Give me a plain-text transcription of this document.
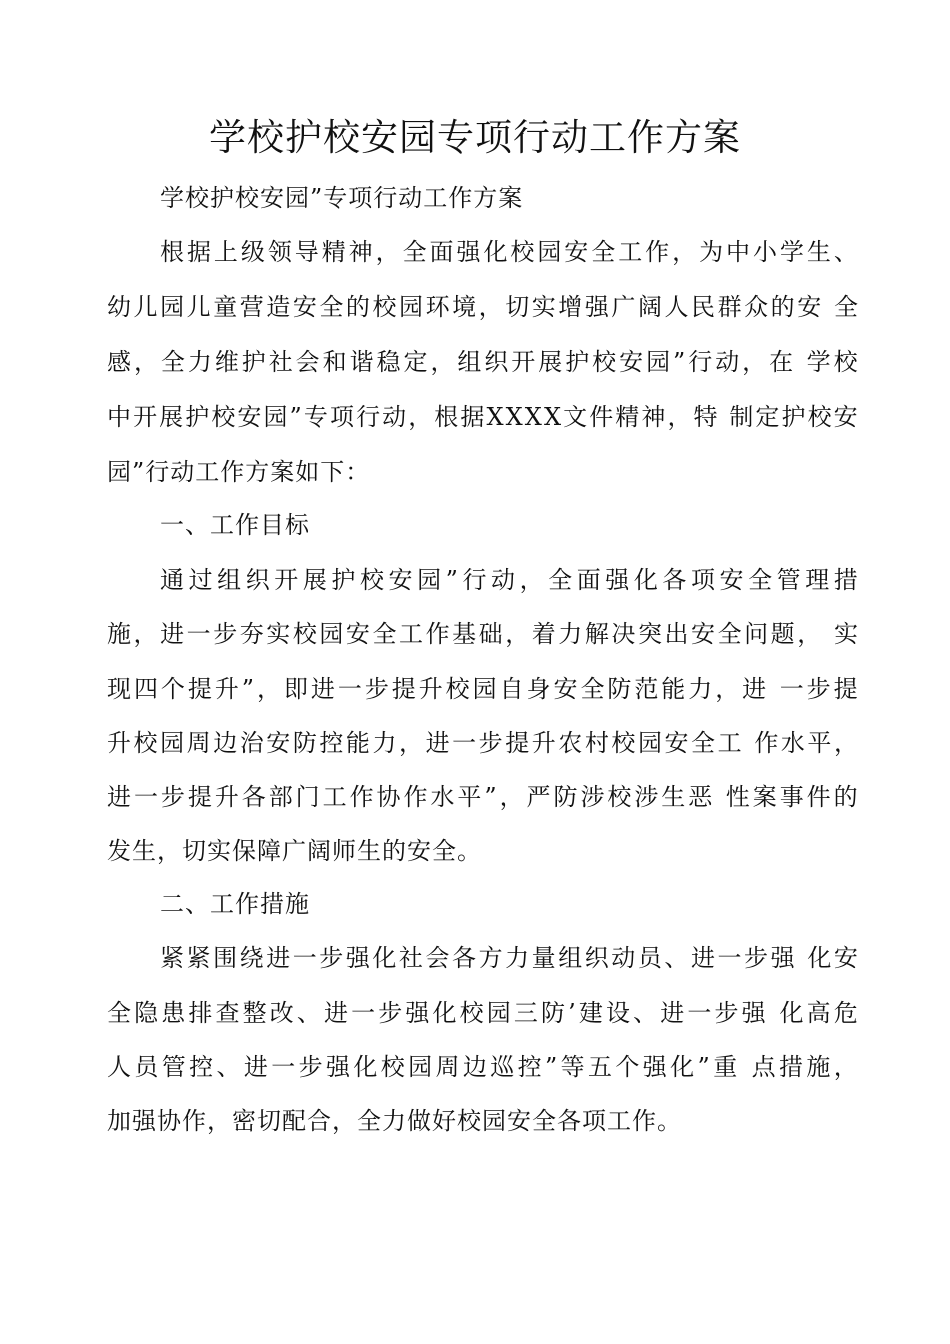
学校护校安园专项行动工作方案

学校护校安园”专项行动工作方案

根 据 上 级 领 导 精 神 ， 全 面 强 化 校 园 安 全 工 作 ， 为 中 小 学 生 、

幼 儿 园 儿 童 营 造 安 全 的 校 园 环 境 ， 切 实 增 强 广 阔 人 民 群 众 的 安
全

感 ， 全 力 维 护 社 会 和 谐 稳 定 ， 组 织 开 展 护 校 安 园 ” 行 动 ， 在
学 校

中 开 展 护 校 安 园 ” 专 项 行 动 ， 根 据 X X X X 文 件 精 神 ， 特
制 定 护 校 安

园”行动工作方案如下：

一、工作目标

通 过 组 织 开 展 护 校 安 园 ” 行 动 ， 全 面 强 化 各 项 安 全 管 理 措

施 ， 进 一 步 夯 实 校 园 安 全 工 作 基 础 ， 着 力 解 决 突 出 安 全 问 题 ，
实

现 四 个 提 升 ” ， 即 进 一 步 提 升 校 园 自 身 安 全 防 范 能 力 ， 进
一 步 提

升 校 园 周 边 治 安 防 控 能 力 ， 进 一 步 提 升 农 村 校 园 安 全 工
作 水 平 ，

进 一 步 提 升 各 部 门 工 作 协 作 水 平 ” ， 严 防 涉 校 涉 生 恶
性 案 事 件 的

发生，切实保障广阔师生的安全。

二、工作措施

紧 紧 围 绕 进 一 步 强 化 社 会 各 方 力 量 组 织 动 员 、 进 一 步 强
化 安

全 隐 患 排 查 整 改 、 进 一 步 强 化 校 园 三 防 ’ 建 设 、 进 一 步 强
化 高 危

人 员 管 控 、 进 一 步 强 化 校 园 周 边 巡 控 ” 等 五 个 强 化 ” 重
点 措 施 ，

加强协作，密切配合，全力做好校园安全各项工作。
